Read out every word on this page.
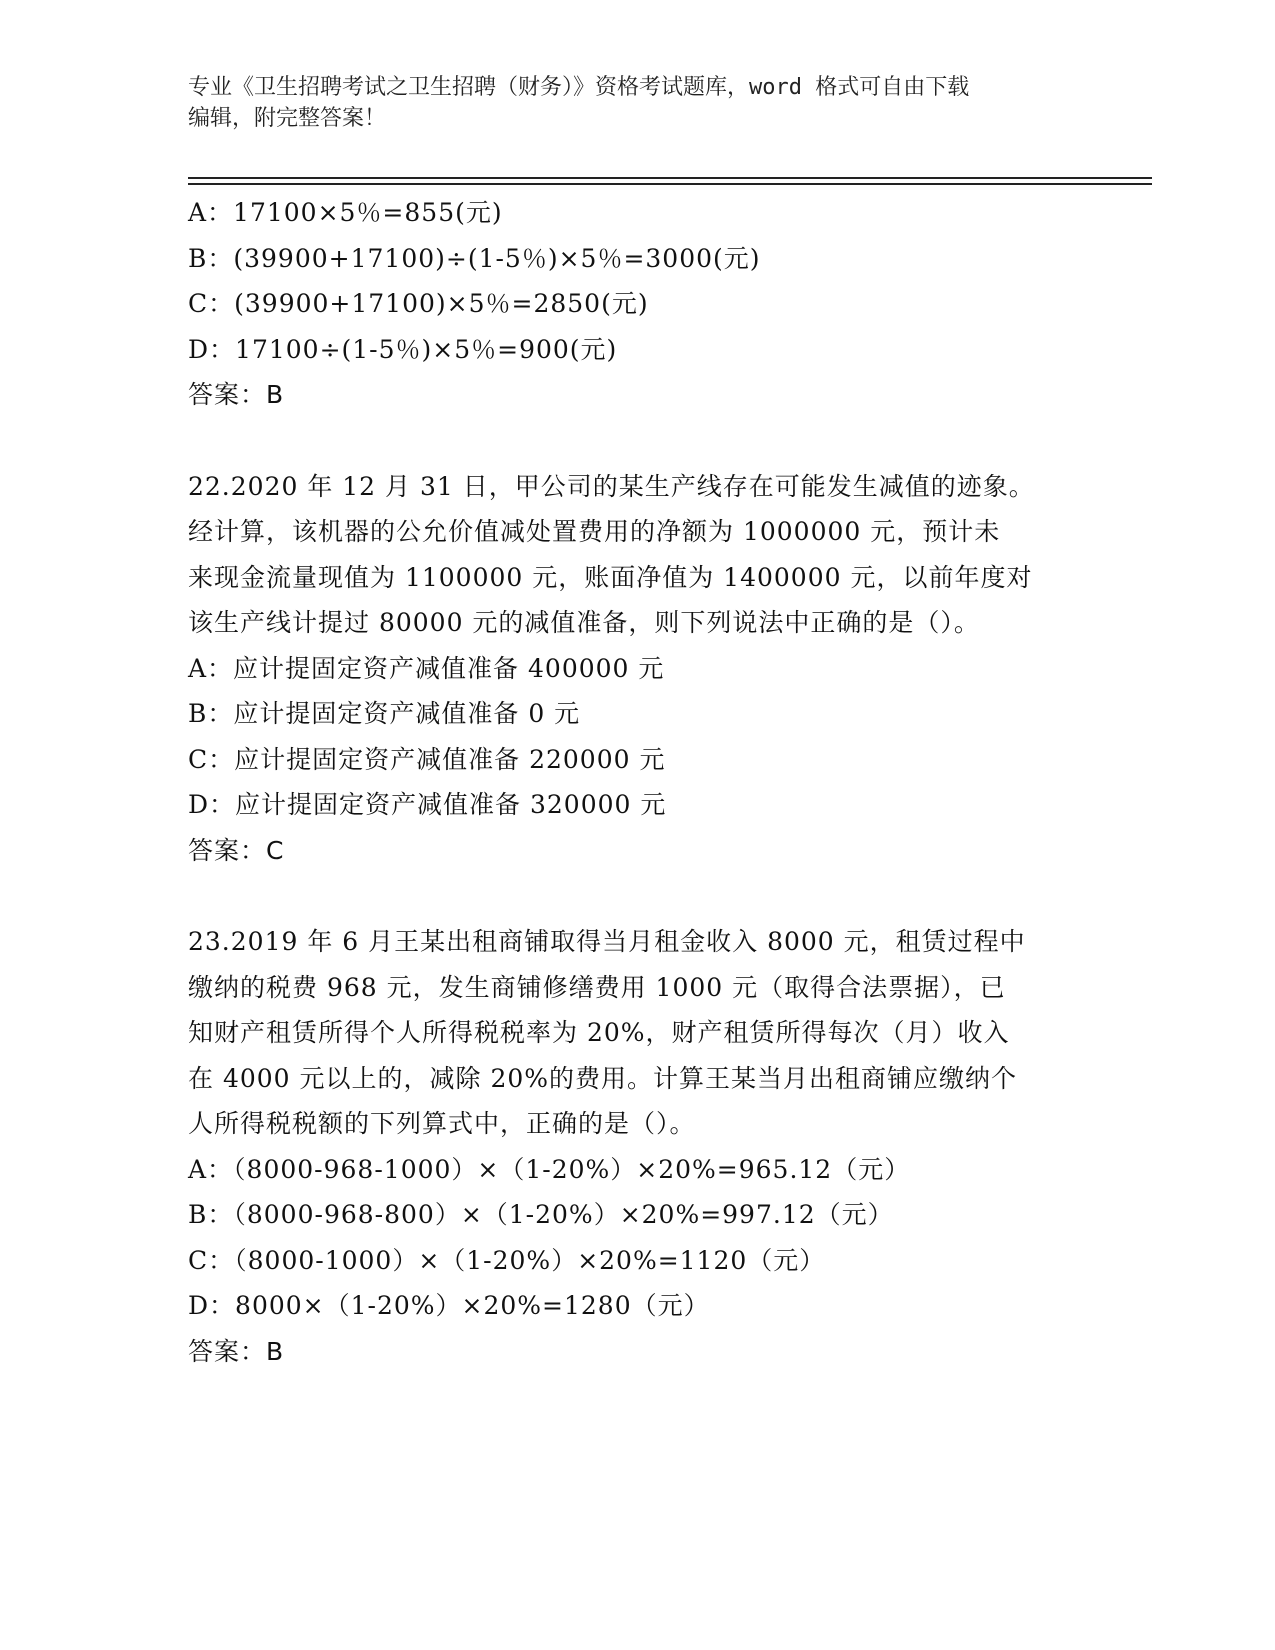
专业《卫生招聘考试之卫生招聘（财务）》资格考试题库，word 格式可自由下载
编辑，附完整答案！
A：17100×5％=855(元)
B：(39900+17100)÷(1-5％)×5％=3000(元)
C：(39900+17100)×5％=2850(元)
D：17100÷(1-5％)×5％=900(元)
答案：B
22.2020 年 12 月 31 日，甲公司的某生产线存在可能发生减值的迹象。
经计算，该机器的公允价值减处置费用的净额为 1000000 元，预计未
来现金流量现值为 1100000 元，账面净值为 1400000 元，以前年度对
该生产线计提过 80000 元的减值准备，则下列说法中正确的是（）。
A：应计提固定资产减值准备 400000 元
B：应计提固定资产减值准备 0 元
C：应计提固定资产减值准备 220000 元
D：应计提固定资产减值准备 320000 元
答案：C
23.2019 年 6 月王某出租商铺取得当月租金收入 8000 元，租赁过程中
缴纳的税费 968 元，发生商铺修缮费用 1000 元（取得合法票据），已
知财产租赁所得个人所得税税率为 20%，财产租赁所得每次（月）收入
在 4000 元以上的，减除 20%的费用。计算王某当月出租商铺应缴纳个
人所得税税额的下列算式中，正确的是（）。
A：（8000-968-1000）×（1-20%）×20%=965.12（元）
B：（8000-968-800）×（1-20%）×20%=997.12（元）
C：（8000-1000）×（1-20%）×20%=1120（元）
D：8000×（1-20%）×20%=1280（元）
答案：B
